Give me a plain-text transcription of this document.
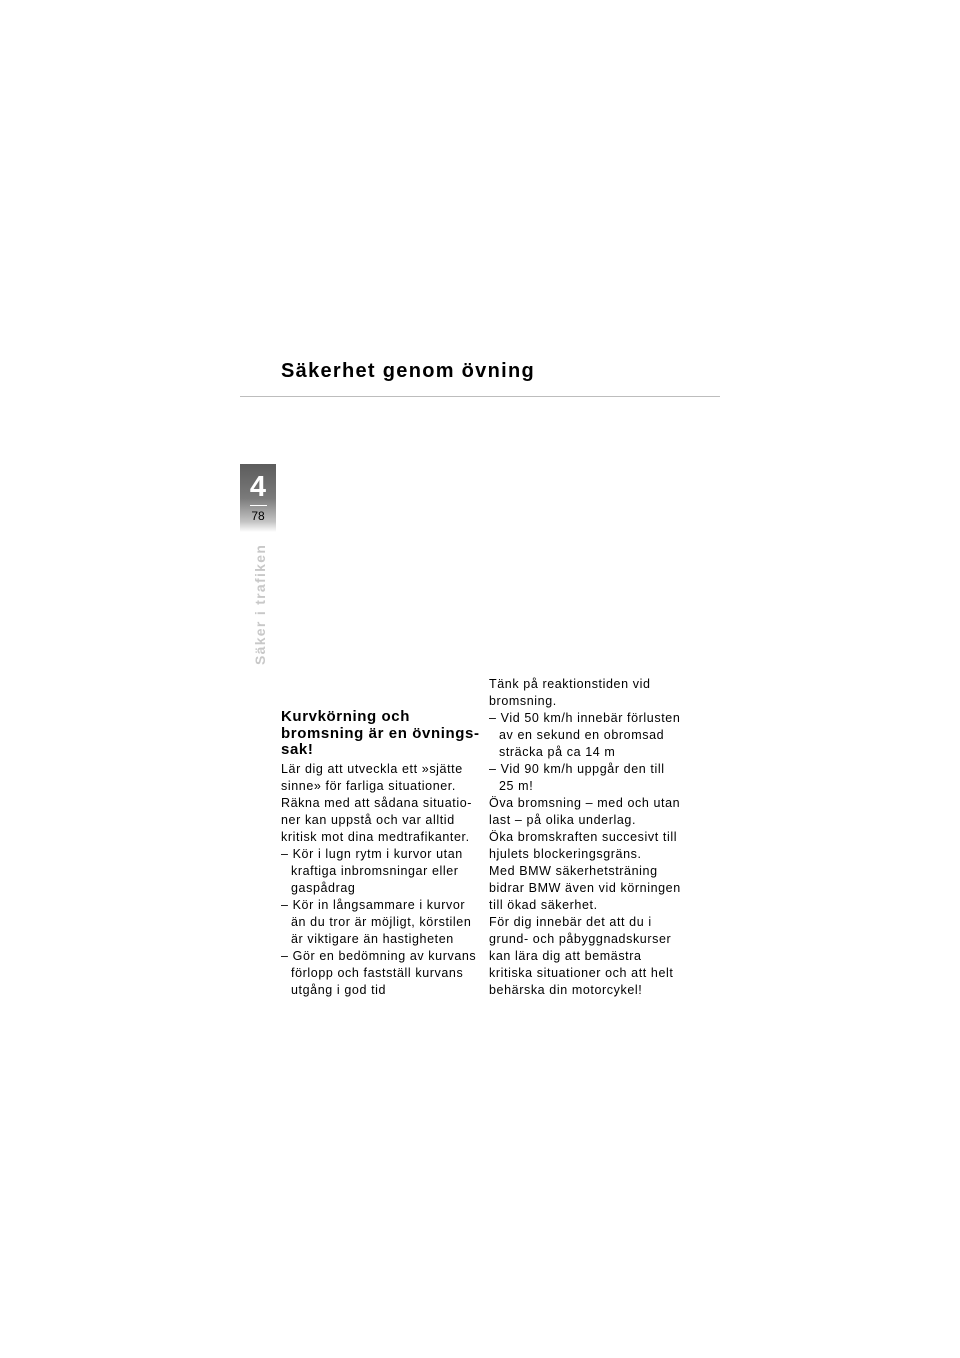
Säkerhet genom övning
4
78
Säker i trafiken
Kurvkörning och
bromsning är en övnings-
sak!

Lär dig att utveckla ett »sjätte
sinne» för farliga situationer.
Räkna med att sådana situatio-
ner kan uppstå och var alltid
kritisk mot dina medtrafikanter.

– Kör i lugn rytm i kurvor utan
kraftiga inbromsningar eller
gaspådrag

– Kör in långsammare i kurvor
än du tror är möjligt, körstilen
är viktigare än hastigheten

– Gör en bedömning av kurvans
förlopp och fastställ kurvans
utgång i god tid

Tänk på reaktionstiden vid
bromsning.

– Vid 50 km/h innebär förlusten
av en sekund en obromsad
sträcka på ca 14 m

– Vid 90 km/h uppgår den till
25 m!

Öva bromsning – med och utan
last – på olika underlag.
Öka bromskraften succesivt till
hjulets blockeringsgräns.
Med BMW säkerhetsträning
bidrar BMW även vid körningen
till ökad säkerhet.
För dig innebär det att du i
grund- och påbyggnadskurser
kan lära dig att bemästra
kritiska situationer och att helt
behärska din motorcykel!
